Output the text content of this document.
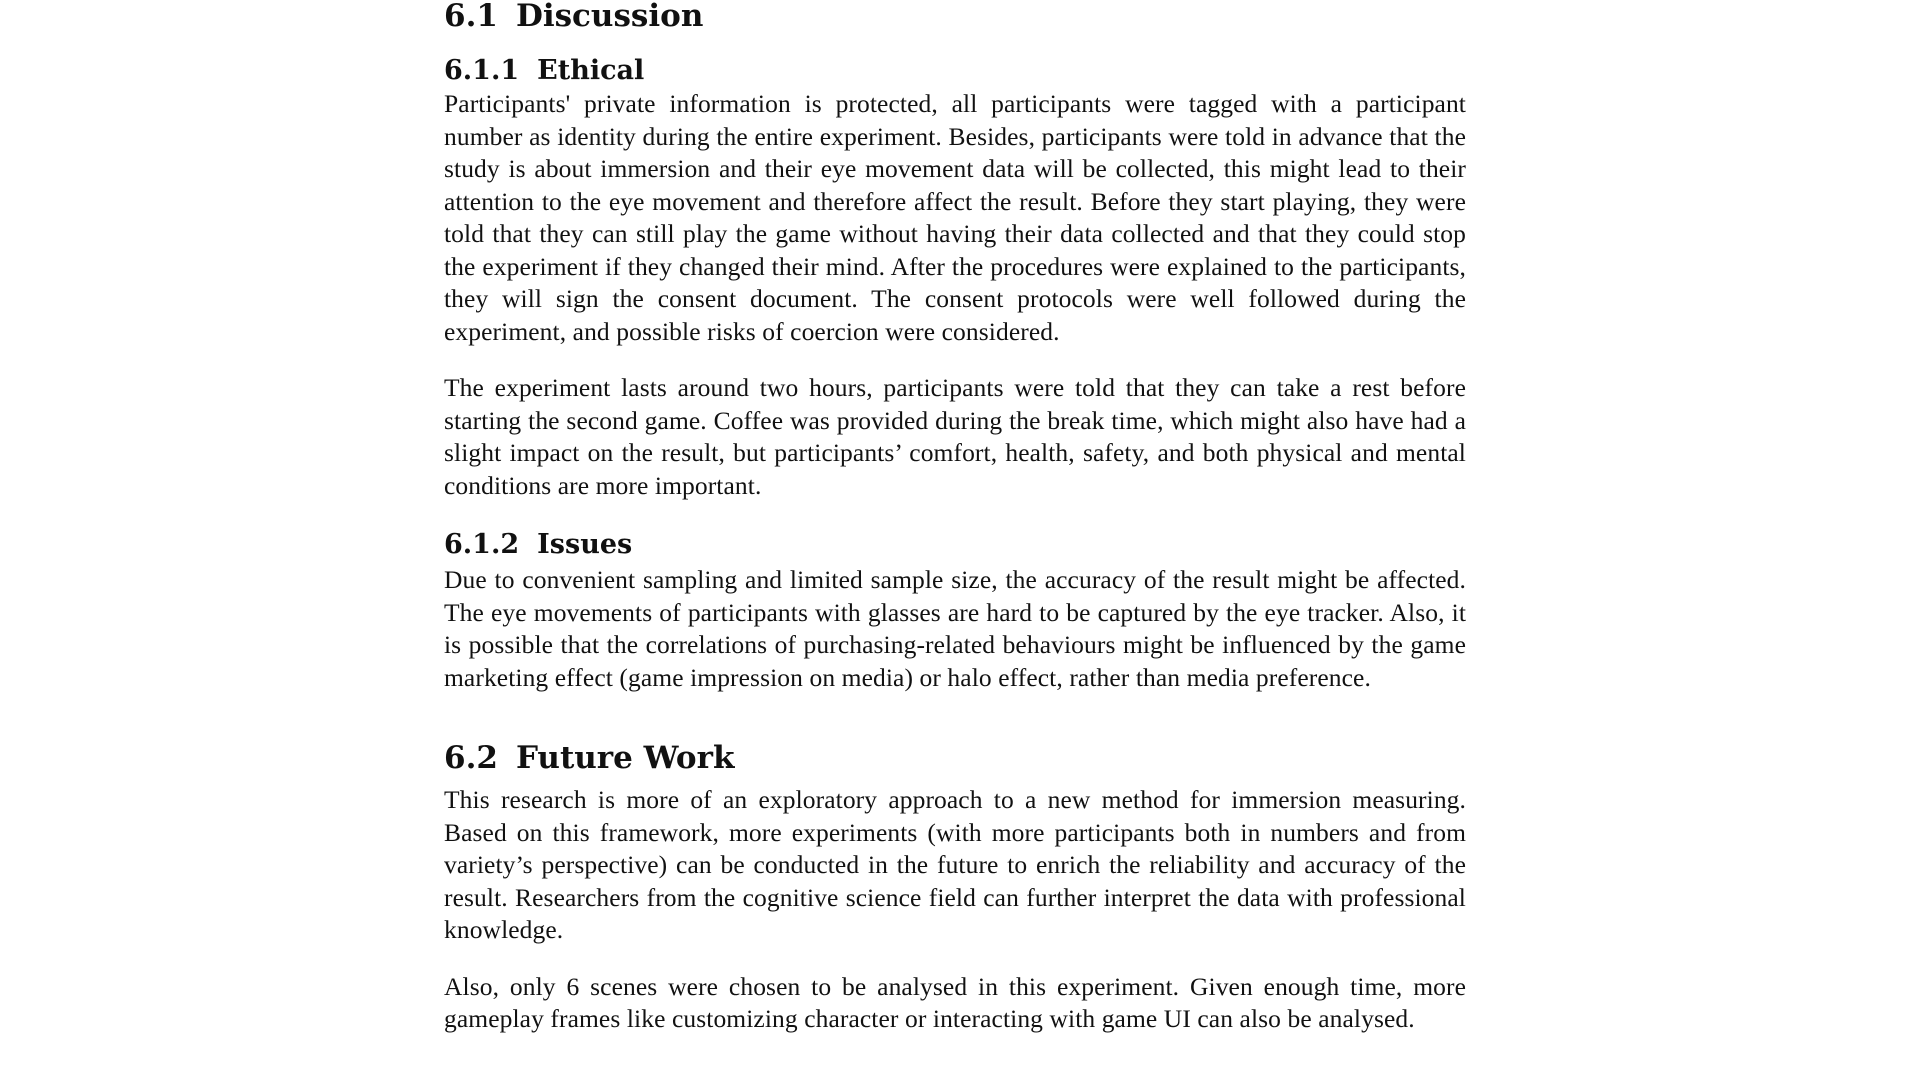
6.1 Discussion
6.1.1 Ethical

Participants' private information is protected, all participants were tagged with a participant number as identity during the entire experiment. Besides, participants were told in advance that the study is about immersion and their eye movement data will be collected, this might lead to their attention to the eye movement and therefore affect the result. Before they start playing, they were told that they can still play the game without having their data collected and that they could stop the experiment if they changed their mind. After the procedures were explained to the participants, they will sign the consent document. The consent protocols were well followed during the experiment, and possible risks of coercion were considered.

The experiment lasts around two hours, participants were told that they can take a rest before starting the second game. Coffee was provided during the break time, which might also have had a slight impact on the result, but participants’ comfort, health, safety, and both physical and mental conditions are more important.

6.1.2 Issues

Due to convenient sampling and limited sample size, the accuracy of the result might be affected. The eye movements of participants with glasses are hard to be captured by the eye tracker. Also, it is possible that the correlations of purchasing-related behaviours might be influenced by the game marketing effect (game impression on media) or halo effect, rather than media preference.

6.2 Future Work

This research is more of an exploratory approach to a new method for immersion measuring. Based on this framework, more experiments (with more participants both in numbers and from variety’s perspective) can be conducted in the future to enrich the reliability and accuracy of the result. Researchers from the cognitive science field can further interpret the data with professional knowledge.

Also, only 6 scenes were chosen to be analysed in this experiment. Given enough time, more gameplay frames like customizing character or interacting with game UI can also be analysed.
